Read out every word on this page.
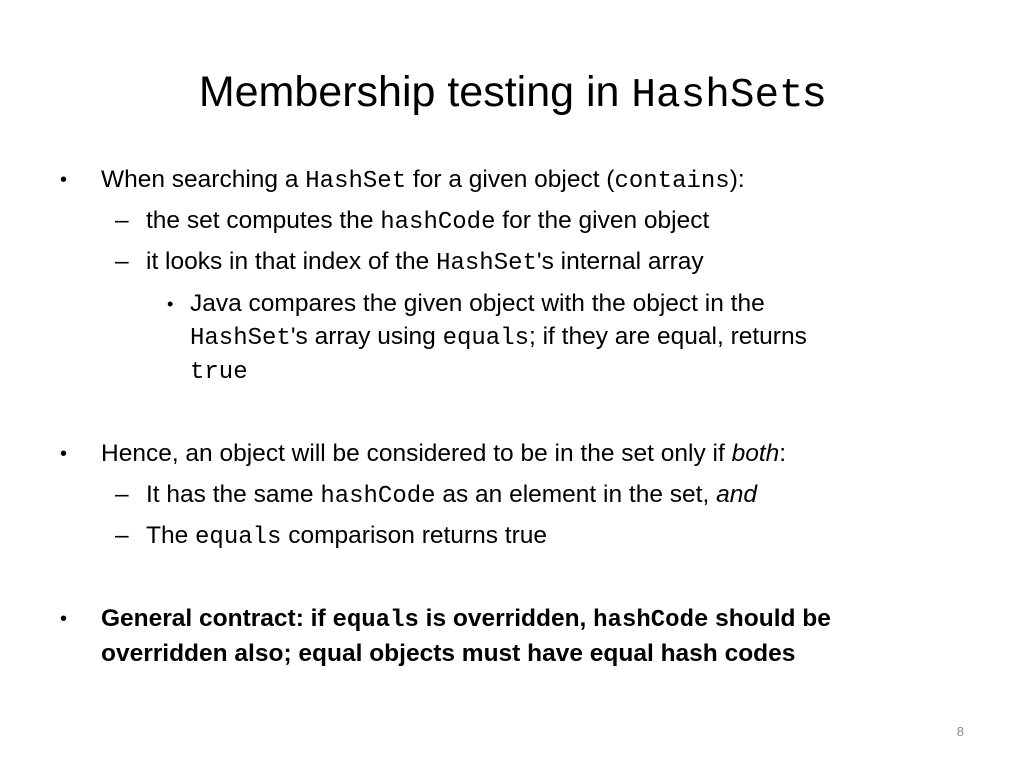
Membership testing in HashSets
• When searching a HashSet for a given object (contains):
– the set computes the hashCode for the given object
– it looks in that index of the HashSet's internal array
• Java compares the given object with the object in the
HashSet's array using equals; if they are equal, returns
true
• Hence, an object will be considered to be in the set only if both:
– It has the same hashCode as an element in the set, and
– The equals comparison returns true
• General contract: if equals is overridden, hashCode should be
overridden also; equal objects must have equal hash codes
8
